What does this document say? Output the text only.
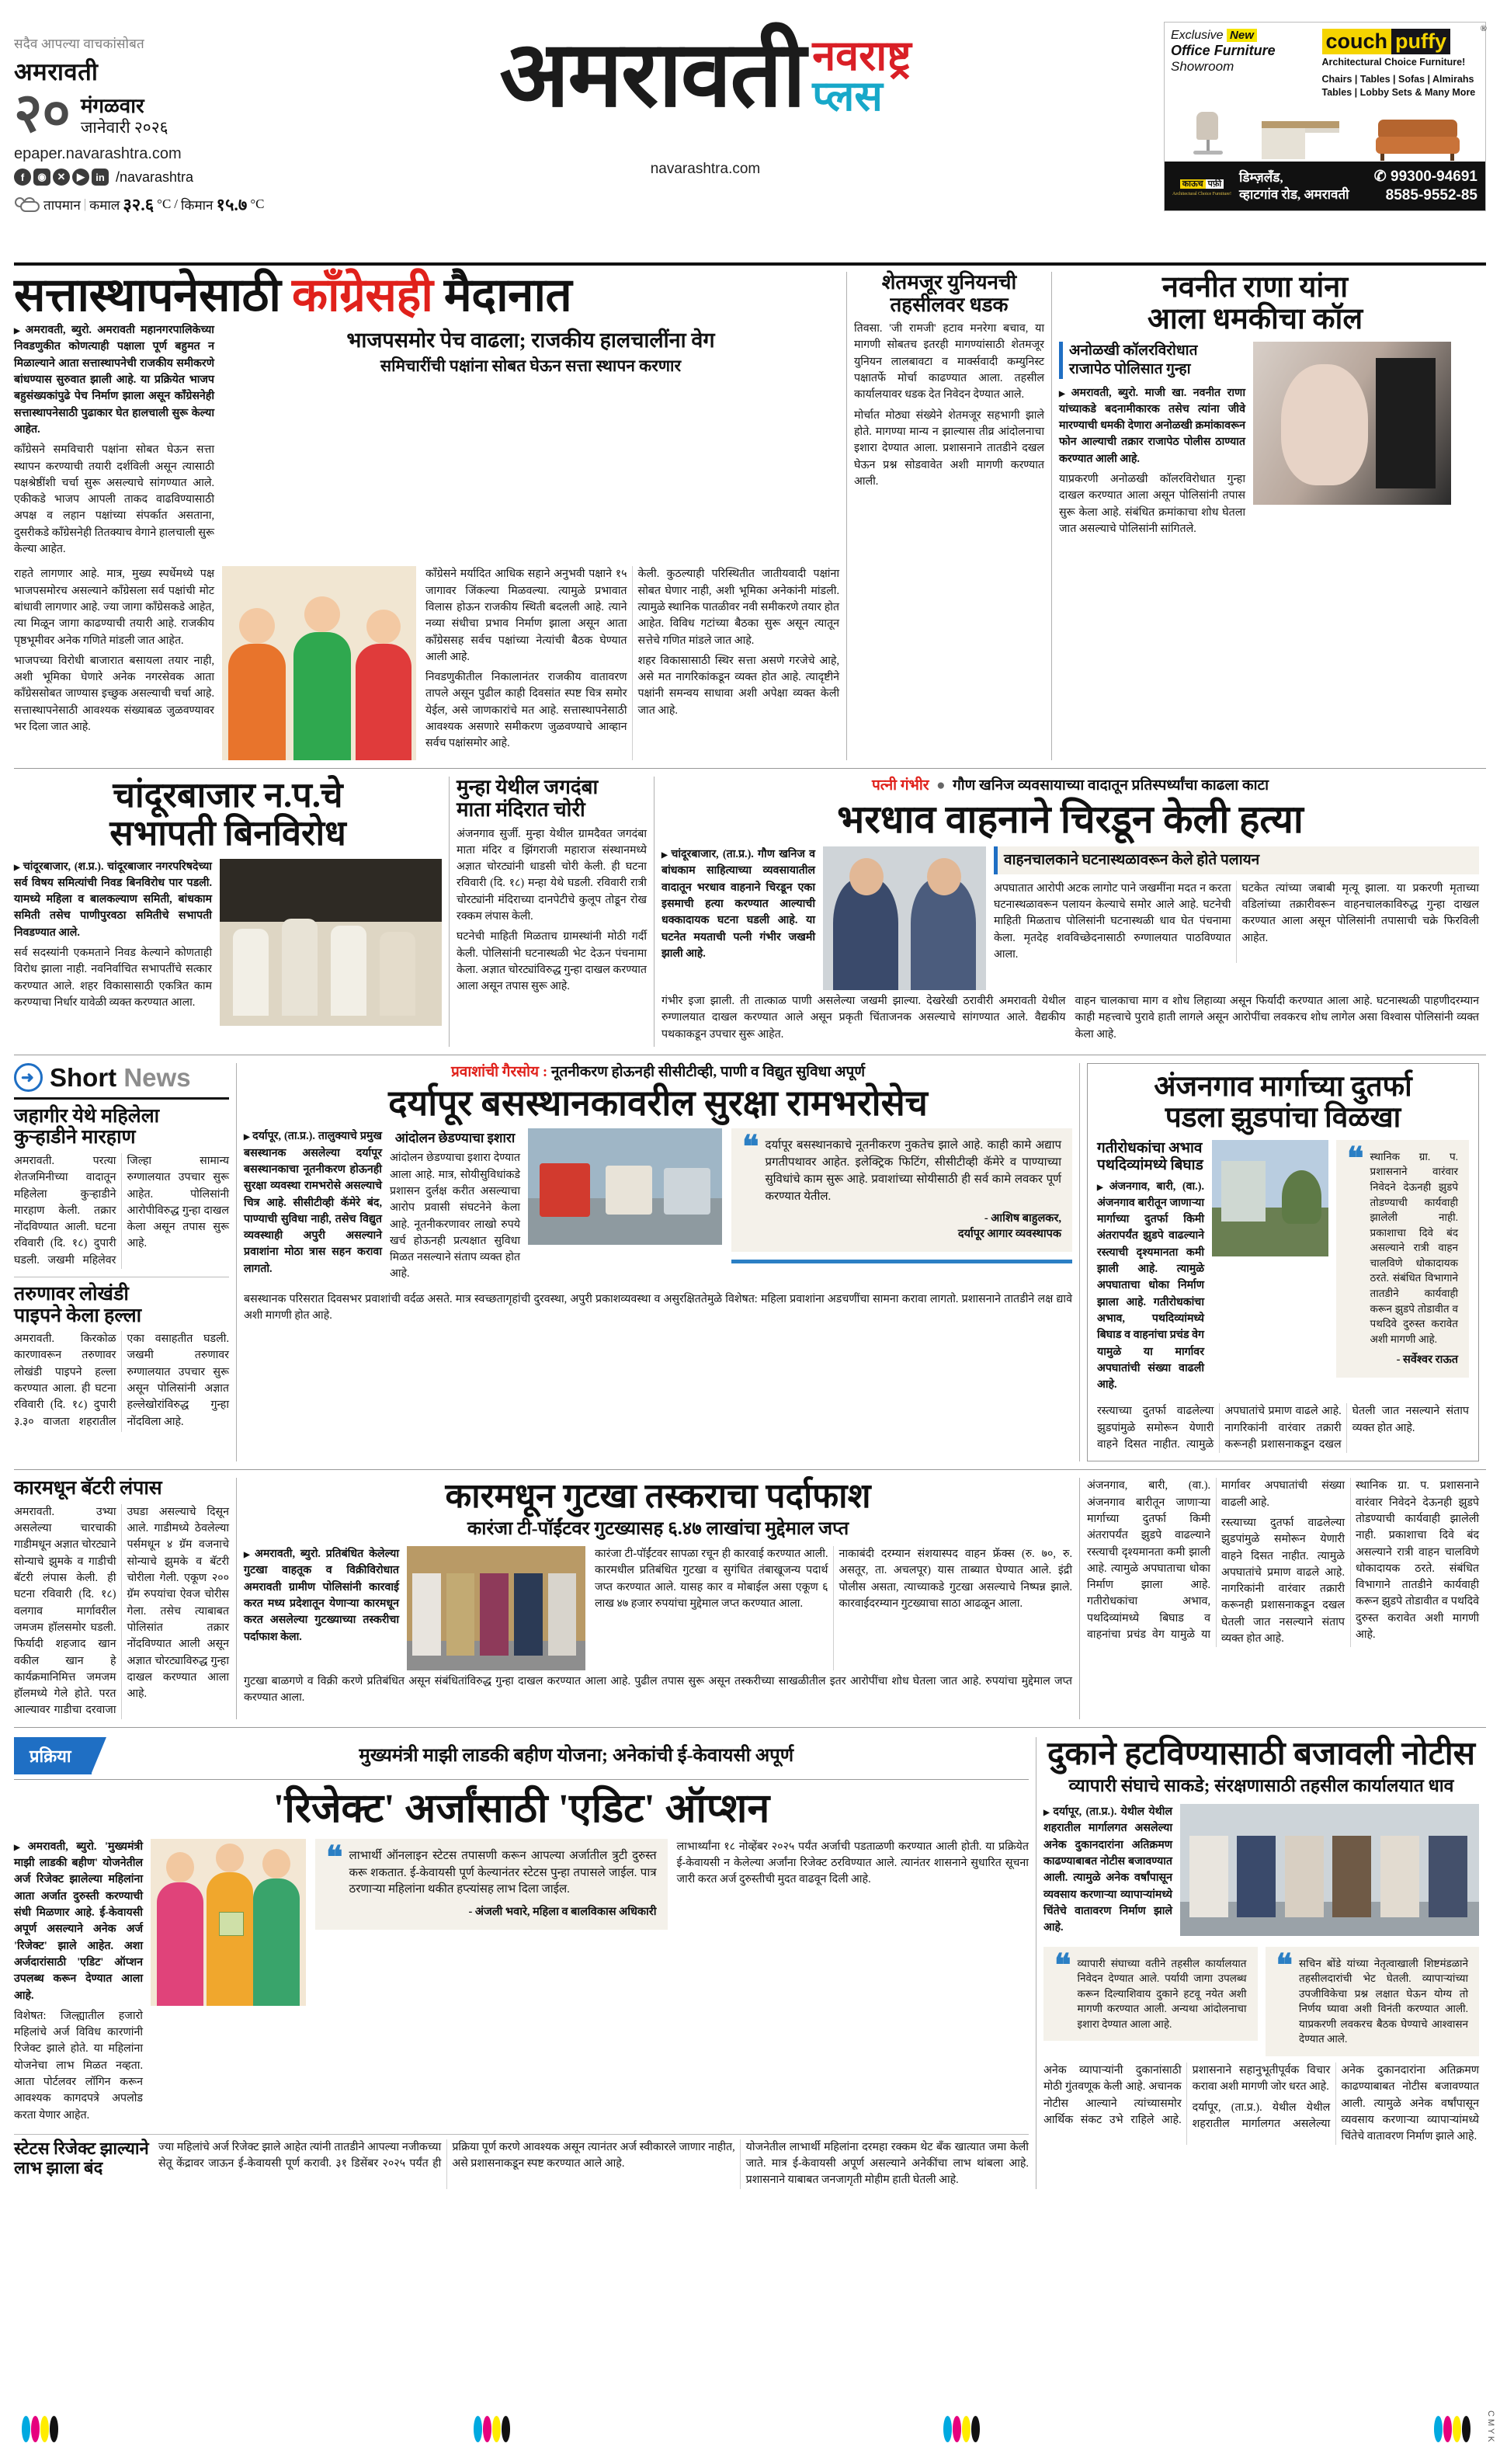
सदैव आपल्या वाचकांसोबत
अमरावती
२० मंगळवार
जानेवारी २०२६
epaper.navarashtra.com
f	◉	✕	▶	in /navarashtra
तापमान | कमाल ३२.६ °C / किमान १५.७ °C
अमरावती नवराष्ट्र
प्लस
navarashtra.com
Exclusive New
Office Furniture
Showroom
couch puffy
®
Architectural Choice Furniture!
Chairs | Tables | Sofas | Almirahs
Tables | Lobby Sets & Many More
काऊच पफ़ी
Architectural Choice Furniture!
डिम्ज़लँड,
व्हाटगांव रोड, अमरावती
✆ 99300-94691
8585-9552-85
सत्तास्थापनेसाठी काँग्रेसही मैदानात

▶ अमरावती, ब्युरो. अमरावती महानगरपालिकेच्या निवडणुकीत कोणत्याही पक्षाला पूर्ण बहुमत न मिळाल्याने आता सत्तास्थापनेची राजकीय समीकरणे बांधण्यास सुरुवात झाली आहे. या प्रक्रियेत भाजप बहुसंख्यकांपुढे पेच निर्माण झाला असून काँग्रेसनेही सत्तास्थापनेसाठी पुढाकार घेत हालचाली सुरू केल्या आहेत.

काँग्रेसने समविचारी पक्षांना सोबत घेऊन सत्ता स्थापन करण्याची तयारी दर्शविली असून त्यासाठी पक्षश्रेष्ठींशी चर्चा सुरू असल्याचे सांगण्यात आले. एकीकडे भाजप आपली ताकद वाढविण्यासाठी अपक्ष व लहान पक्षांच्या संपर्कात असताना, दुसरीकडे काँग्रेसनेही तितक्याच वेगाने हालचाली सुरू केल्या आहेत.

भाजपसमोर पेच वाढला; राजकीय हालचालींना वेग
समिचारींची पक्षांना सोबत घेऊन सत्ता स्थापन करणार

राहते लागणार आहे. मात्र, मुख्य स्पर्धेमध्ये पक्ष भाजपसमोरच असल्याने काँग्रेसला सर्व पक्षांची मोट बांधावी लागणार आहे. ज्या जागा काँग्रेसकडे आहेत, त्या मिळून जागा काढण्याची तयारी आहे. राजकीय पृष्ठभूमीवर अनेक गणिते मांडली जात आहेत.

भाजपच्या विरोधी बाजारात बसायला तयार नाही, अशी भूमिका घेणारे अनेक नगरसेवक आता काँग्रेससोबत जाण्यास इच्छुक असल्याची चर्चा आहे. सत्तास्थापनेसाठी आवश्यक संख्याबळ जुळवण्यावर भर दिला जात आहे.

काँग्रेसने मर्यादित आधिक सहाने अनुभवी पक्षाने १५ जागावर जिंकल्या मिळवल्या. त्यामुळे प्रभावात विलास होऊन राजकीय स्थिती बदलली आहे. त्याने नव्या संधीचा प्रभाव निर्माण झाला असून आता काँग्रेससह सर्वच पक्षांच्या नेत्यांची बैठक घेण्यात आली आहे.

निवडणुकीतील निकालानंतर राजकीय वातावरण तापले असून पुढील काही दिवसांत स्पष्ट चित्र समोर येईल, असे जाणकारांचे मत आहे. सत्तास्थापनेसाठी आवश्यक असणारे समीकरण जुळवण्याचे आव्हान सर्वच पक्षांसमोर आहे.

केली. कुठल्याही परिस्थितीत जातीयवादी पक्षांना सोबत घेणार नाही, अशी भूमिका अनेकांनी मांडली. त्यामुळे स्थानिक पातळीवर नवी समीकरणे तयार होत आहेत. विविध गटांच्या बैठका सुरू असून त्यातून सत्तेचे गणित मांडले जात आहे.

शहर विकासासाठी स्थिर सत्ता असणे गरजेचे आहे, असे मत नागरिकांकडून व्यक्त होत आहे. त्यादृष्टीने पक्षांनी समन्वय साधावा अशी अपेक्षा व्यक्त केली जात आहे.

शेतमजूर युनियनची
तहसीलवर धडक

तिवसा. 'जी रामजी' हटाव मनरेगा बचाव, या मागणी सोबतच इतरही मागण्यांसाठी शेतमजूर युनियन लालबावटा व मार्क्सवादी कम्युनिस्ट पक्षातर्फे मोर्चा काढण्यात आला. तहसील कार्यालयावर धडक देत निवेदन देण्यात आले.

मोर्चात मोठ्या संख्येने शेतमजूर सहभागी झाले होते. मागण्या मान्य न झाल्यास तीव्र आंदोलनाचा इशारा देण्यात आला. प्रशासनाने तातडीने दखल घेऊन प्रश्न सोडवावेत अशी मागणी करण्यात आली.

नवनीत राणा यांना
आला धमकीचा कॉल
अनोळखी कॉलरविरोधात
राजापेठ पोलिसात गुन्हा

▶ अमरावती, ब्युरो. माजी खा. नवनीत राणा यांच्याकडे बदनामीकारक तसेच त्यांना जीवे मारण्याची धमकी देणारा अनोळखी क्रमांकावरून फोन आल्याची तक्रार राजापेठ पोलीस ठाण्यात करण्यात आली आहे.

याप्रकरणी अनोळखी कॉलरविरोधात गुन्हा दाखल करण्यात आला असून पोलिसांनी तपास सुरू केला आहे. संबंधित क्रमांकाचा शोध घेतला जात असल्याचे पोलिसांनी सांगितले.

चांदूरबाजार न.प.चे
सभापती बिनविरोध

▶ चांदूरबाजार, (श.प्र.). चांदूरबाजार नगरपरिषदेच्या सर्व विषय समित्यांची निवड बिनविरोध पार पडली. यामध्ये महिला व बालकल्याण समिती, बांधकाम समिती तसेच पाणीपुरवठा समितीचे सभापती निवडण्यात आले.

सर्व सदस्यांनी एकमताने निवड केल्याने कोणताही विरोध झाला नाही. नवनिर्वाचित सभापतींचे सत्कार करण्यात आले. शहर विकासासाठी एकत्रित काम करण्याचा निर्धार यावेळी व्यक्त करण्यात आला.

मुन्हा येथील जगदंबा
माता मंदिरात चोरी

अंजनगाव सुर्जी. मुन्हा येथील ग्रामदैवत जगदंबा माता मंदिर व झिंगराजी महाराज संस्थानमध्ये अज्ञात चोरट्यांनी धाडसी चोरी केली. ही घटना रविवारी (दि. १८) मन्हा येथे घडली. रविवारी रात्री चोरट्यांनी मंदिराच्या दानपेटीचे कुलूप तोडून रोख रक्कम लंपास केली.

घटनेची माहिती मिळताच ग्रामस्थांनी मोठी गर्दी केली. पोलिसांनी घटनास्थळी भेट देऊन पंचनामा केला. अज्ञात चोरट्यांविरुद्ध गुन्हा दाखल करण्यात आला असून तपास सुरू आहे.

पत्नी गंभीर  ●  गौण खनिज व्यवसायाच्या वादातून प्रतिस्पर्ध्यांचा काढला काटा
भरधाव वाहनाने चिरडून केली हत्या

▶ चांदूरबाजार, (ता.प्र.). गौण खनिज व बांधकाम साहित्याच्या व्यवसायातील वादातून भरधाव वाहनाने चिरडून एका इसमाची हत्या करण्यात आल्याची धक्कादायक घटना घडली आहे. या घटनेत मयताची पत्नी गंभीर जखमी झाली आहे.

वाहनचालकाने घटनास्थळावरून केले होते पलायन

अपघातात आरोपी अटक लागोट पाने जखमींना मदत न करता घटनास्थळावरून पलायन केल्याचे समोर आले आहे. घटनेची माहिती मिळताच पोलिसांनी घटनास्थळी धाव घेत पंचनामा केला. मृतदेह शवविच्छेदनासाठी रुग्णालयात पाठविण्यात आला.

घटकेत त्यांच्या जबाबी मृत्यू झाला. या प्रकरणी मृताच्या वडिलांच्या तक्रारीवरून वाहनचालकाविरुद्ध गुन्हा दाखल करण्यात आला असून पोलिसांनी तपासाची चक्रे फिरविली आहेत.

गंभीर इजा झाली. ती तात्काळ पाणी असलेल्या जखमी झाल्या. देखरेखी ठरावीरी अमरावती येथील रुग्णालयात दाखल करण्यात आले असून प्रकृती चिंताजनक असल्याचे सांगण्यात आले. वैद्यकीय पथकाकडून उपचार सुरू आहेत.

वाहन चालकाचा माग व शोध लिहाव्या असून फिर्यादी करण्यात आला आहे. घटनास्थळी पाहणीदरम्यान काही महत्त्वाचे पुरावे हाती लागले असून आरोपींचा लवकरच शोध लागेल असा विश्वास पोलिसांनी व्यक्त केला आहे.

➜
Short News
जहागीर येथे महिलेला
कुऱ्हाडीने मारहाण

अमरावती. परत्या शेतजमिनीच्या वादातून महिलेला कुऱ्हाडीने मारहाण केली. तक्रार नोंदविण्यात आली. घटना रविवारी (दि. १८) दुपारी घडली. जखमी महिलेवर जिल्हा सामान्य रुग्णालयात उपचार सुरू आहेत. पोलिसांनी आरोपीविरुद्ध गुन्हा दाखल केला असून तपास सुरू आहे.

तरुणावर लोखंडी
पाइपने केला हल्ला

अमरावती. किरकोळ कारणावरून तरुणावर लोखंडी पाइपने हल्ला करण्यात आला. ही घटना रविवारी (दि. १८) दुपारी ३.३० वाजता शहरातील एका वसाहतीत घडली. जखमी तरुणावर रुग्णालयात उपचार सुरू असून पोलिसांनी अज्ञात हल्लेखोरांविरुद्ध गुन्हा नोंदविला आहे.

प्रवाशांची गैरसोय : नूतनीकरण होऊनही सीसीटीव्ही, पाणी व विद्युत सुविधा अपूर्ण
दर्यापूर बसस्थानकावरील सुरक्षा रामभरोसेच

▶ दर्यापूर, (ता.प्र.). तालुक्याचे प्रमुख बसस्थानक असलेल्या दर्यापूर बसस्थानकाचा नूतनीकरण होऊनही सुरक्षा व्यवस्था रामभरोसे असल्याचे चित्र आहे. सीसीटीव्ही कॅमेरे बंद, पाण्याची सुविधा नाही, तसेच विद्युत व्यवस्थाही अपुरी असल्याने प्रवाशांना मोठा त्रास सहन करावा लागतो.

आंदोलन छेडण्याचा इशारा

आंदोलन छेडण्याचा इशारा देण्यात आला आहे. मात्र, सोयीसुविधांकडे प्रशासन दुर्लक्ष करीत असल्याचा आरोप प्रवासी संघटनेने केला आहे. नूतनीकरणावर लाखो रुपये खर्च होऊनही प्रत्यक्षात सुविधा मिळत नसल्याने संताप व्यक्त होत आहे.

❝ दर्यापूर बसस्थानकाचे नूतनीकरण नुकतेच झाले आहे. काही कामे अद्याप प्रगतीपथावर आहेत. इलेक्ट्रिक फिटिंग, सीसीटीव्ही कॅमेरे व पाण्याच्या सुविधांचे काम सुरू आहे. प्रवाशांच्या सोयीसाठी ही सर्व कामे लवकर पूर्ण करण्यात येतील.
- आशिष बाहुलकर,
दर्यापूर आगार व्यवस्थापक

बसस्थानक परिसरात दिवसभर प्रवाशांची वर्दळ असते. मात्र स्वच्छतागृहांची दुरवस्था, अपुरी प्रकाशव्यवस्था व असुरक्षिततेमुळे विशेषत: महिला प्रवाशांना अडचणींचा सामना करावा लागतो. प्रशासनाने तातडीने लक्ष द्यावे अशी मागणी होत आहे.

अंजनगाव मार्गाच्या दुतर्फा
पडला झुडपांचा विळखा
गतीरोधकांचा अभाव
पथदिव्यांमध्ये बिघाड

▶ अंजनगाव, बारी, (वा.). अंजनगाव बारीतून जाणाऱ्या मार्गाच्या दुतर्फा किमी अंतरापर्यंत झुडपे वाढल्याने रस्त्याची दृश्यमानता कमी झाली आहे. त्यामुळे अपघाताचा धोका निर्माण झाला आहे. गतीरोधकांचा अभाव, पथदिव्यांमध्ये बिघाड व वाहनांचा प्रचंड वेग यामुळे या मार्गावर अपघातांची संख्या वाढली आहे.

❝ स्थानिक ग्रा. प. प्रशासनाने वारंवार निवेदने देऊनही झुडपे तोडण्याची कार्यवाही झालेली नाही. प्रकाशाचा दिवे बंद असल्याने रात्री वाहन चालविणे धोकादायक ठरते. संबंधित विभागाने तातडीने कार्यवाही करून झुडपे तोडावीत व पथदिवे दुरुस्त करावेत अशी मागणी आहे.
- सर्वेश्वर राऊत

रस्त्याच्या दुतर्फा वाढलेल्या झुडपांमुळे समोरून येणारी वाहने दिसत नाहीत. त्यामुळे अपघातांचे प्रमाण वाढले आहे. नागरिकांनी वारंवार तक्रारी करूनही प्रशासनाकडून दखल घेतली जात नसल्याने संताप व्यक्त होत आहे.

कारमधून बॅटरी लंपास

अमरावती. उभ्या असलेल्या चारचाकी गाडीमधून अज्ञात चोरट्याने सोन्याचे झुमके व गाडीची बॅटरी लंपास केली. ही घटना रविवारी (दि. १८) वलगाव मार्गावरील जमजम हॉलसमोर घडली. फिर्यादी शहजाद खान वकील खान हे कार्यक्रमानिमित्त जमजम हॉलमध्ये गेले होते. परत आल्यावर गाडीचा दरवाजा उघडा असल्याचे दिसून आले. गाडीमध्ये ठेवलेल्या पर्समधून ४ ग्रॅम वजनाचे सोन्याचे झुमके व बॅटरी चोरीला गेली. एकूण २०० ग्रॅम रुपयांचा ऐवज चोरीस गेला. तसेच त्याबाबत पोलिसांत तक्रार नोंदविण्यात आली असून अज्ञात चोरट्याविरुद्ध गुन्हा दाखल करण्यात आला आहे.

कारमधून गुटखा तस्कराचा पर्दाफाश
कारंजा टी-पॉईंटवर गुटख्यासह ६.४७ लाखांचा मुद्देमाल जप्त

▶ अमरावती, ब्युरो. प्रतिबंधित केलेल्या गुटखा वाहतूक व विक्रीविरोधात अमरावती ग्रामीण पोलिसांनी कारवाई करत मध्य प्रदेशातून येणाऱ्या कारमधून करत असलेल्या गुटख्याच्या तस्करीचा पर्दाफाश केला.

कारंजा टी-पॉईंटवर सापळा रचून ही कारवाई करण्यात आली. कारमधील प्रतिबंधित गुटखा व सुगंधित तंबाखूजन्य पदार्थ जप्त करण्यात आले. यासह कार व मोबाईल असा एकूण ६ लाख ४७ हजार रुपयांचा मुद्देमाल जप्त करण्यात आला.

नाकाबंदी दरम्यान संशयास्पद वाहन फ्रॅक्स (रु. ७०, रु. असतूर, ता. अचलपूर) यास ताब्यात घेण्यात आले. इंद्री पोलीस असता, त्याच्याकडे गुटखा असल्याचे निष्पन्न झाले. कारवाईदरम्यान गुटख्याचा साठा आढळून आला.

गुटखा बाळगणे व विक्री करणे प्रतिबंधित असून संबंधितांविरुद्ध गुन्हा दाखल करण्यात आला आहे. पुढील तपास सुरू असून तस्करीच्या साखळीतील इतर आरोपींचा शोध घेतला जात आहे. रुपयांचा मुद्देमाल जप्त करण्यात आला.

अंजनगाव, बारी, (वा.). अंजनगाव बारीतून जाणाऱ्या मार्गाच्या दुतर्फा किमी अंतरापर्यंत झुडपे वाढल्याने रस्त्याची दृश्यमानता कमी झाली आहे. त्यामुळे अपघाताचा धोका निर्माण झाला आहे. गतीरोधकांचा अभाव, पथदिव्यांमध्ये बिघाड व वाहनांचा प्रचंड वेग यामुळे या मार्गावर अपघातांची संख्या वाढली आहे.

रस्त्याच्या दुतर्फा वाढलेल्या झुडपांमुळे समोरून येणारी वाहने दिसत नाहीत. त्यामुळे अपघातांचे प्रमाण वाढले आहे. नागरिकांनी वारंवार तक्रारी करूनही प्रशासनाकडून दखल घेतली जात नसल्याने संताप व्यक्त होत आहे.

स्थानिक ग्रा. प. प्रशासनाने वारंवार निवेदने देऊनही झुडपे तोडण्याची कार्यवाही झालेली नाही. प्रकाशाचा दिवे बंद असल्याने रात्री वाहन चालविणे धोकादायक ठरते. संबंधित विभागाने तातडीने कार्यवाही करून झुडपे तोडावीत व पथदिवे दुरुस्त करावेत अशी मागणी आहे.

प्रक्रिया	मुख्यमंत्री माझी लाडकी बहीण योजना; अनेकांची ई-केवायसी अपूर्ण
'रिजेक्ट' अर्जांसाठी 'एडिट' ऑप्शन

▶ अमरावती, ब्युरो. 'मुख्यमंत्री माझी लाडकी बहीण' योजनेतील अर्ज रिजेक्ट झालेल्या महिलांना आता अर्जात दुरुस्ती करण्याची संधी मिळणार आहे. ई-केवायसी अपूर्ण असल्याने अनेक अर्ज 'रिजेक्ट' झाले आहेत. अशा अर्जदारांसाठी 'एडिट' ऑप्शन उपलब्ध करून देण्यात आला आहे.

विशेषत: जिल्ह्यातील हजारो महिलांचे अर्ज विविध कारणांनी रिजेक्ट झाले होते. या महिलांना योजनेचा लाभ मिळत नव्हता. आता पोर्टलवर लॉगिन करून आवश्यक कागदपत्रे अपलोड करता येणार आहेत.

❝ लाभार्थी ऑनलाइन स्टेटस तपासणी करून आपल्या अर्जातील त्रुटी दुरुस्त करू शकतात. ई-केवायसी पूर्ण केल्यानंतर स्टेटस पुन्हा तपासले जाईल. पात्र ठरणाऱ्या महिलांना थकीत हप्त्यांसह लाभ दिला जाईल.
- अंजली भवारे, महिला व बालविकास अधिकारी

लाभार्थ्यांना १८ नोव्हेंबर २०२५ पर्यंत अर्जाची पडताळणी करण्यात आली होती. या प्रक्रियेत ई-केवायसी न केलेल्या अर्जांना रिजेक्ट ठरविण्यात आले. त्यानंतर शासनाने सुधारित सूचना जारी करत अर्ज दुरुस्तीची मुदत वाढवून दिली आहे.

स्टेटस रिजेक्ट झाल्याने लाभ झाला बंद

ज्या महिलांचे अर्ज रिजेक्ट झाले आहेत त्यांनी तातडीने आपल्या नजीकच्या सेतू केंद्रावर जाऊन ई-केवायसी पूर्ण करावी. ३१ डिसेंबर २०२५ पर्यंत ही प्रक्रिया पूर्ण करणे आवश्यक असून त्यानंतर अर्ज स्वीकारले जाणार नाहीत, असे प्रशासनाकडून स्पष्ट करण्यात आले आहे.

योजनेतील लाभार्थी महिलांना दरमहा रक्कम थेट बँक खात्यात जमा केली जाते. मात्र ई-केवायसी अपूर्ण असल्याने अनेकींचा लाभ थांबला आहे. प्रशासनाने याबाबत जनजागृती मोहीम हाती घेतली आहे.

दुकाने हटविण्यासाठी बजावली नोटीस
व्यापारी संघाचे साकडे; संरक्षणासाठी तहसील कार्यालयात धाव

▶ दर्यापूर, (ता.प्र.). येथील येथील शहरातील मार्गालगत असलेल्या अनेक दुकानदारांना अतिक्रमण काढण्याबाबत नोटीस बजावण्यात आली. त्यामुळे अनेक वर्षांपासून व्यवसाय करणाऱ्या व्यापाऱ्यांमध्ये चिंतेचे वातावरण निर्माण झाले आहे.

❝ व्यापारी संघाच्या वतीने तहसील कार्यालयात निवेदन देण्यात आले. पर्यायी जागा उपलब्ध करून दिल्याशिवाय दुकाने हटवू नयेत अशी मागणी करण्यात आली. अन्यथा आंदोलनाचा इशारा देण्यात आला आहे.
❝ सचिन बोंडे यांच्या नेतृत्वाखाली शिष्टमंडळाने तहसीलदारांची भेट घेतली. व्यापाऱ्यांच्या उपजीविकेचा प्रश्न लक्षात घेऊन योग्य तो निर्णय घ्यावा अशी विनंती करण्यात आली. याप्रकरणी लवकरच बैठक घेण्याचे आश्वासन देण्यात आले.

अनेक व्यापाऱ्यांनी दुकानांसाठी मोठी गुंतवणूक केली आहे. अचानक नोटीस आल्याने त्यांच्यासमोर आर्थिक संकट उभे राहिले आहे. प्रशासनाने सहानुभूतीपूर्वक विचार करावा अशी मागणी जोर धरत आहे.

दर्यापूर, (ता.प्र.). येथील येथील शहरातील मार्गालगत असलेल्या अनेक दुकानदारांना अतिक्रमण काढण्याबाबत नोटीस बजावण्यात आली. त्यामुळे अनेक वर्षांपासून व्यवसाय करणाऱ्या व्यापाऱ्यांमध्ये चिंतेचे वातावरण निर्माण झाले आहे.

C M Y K
